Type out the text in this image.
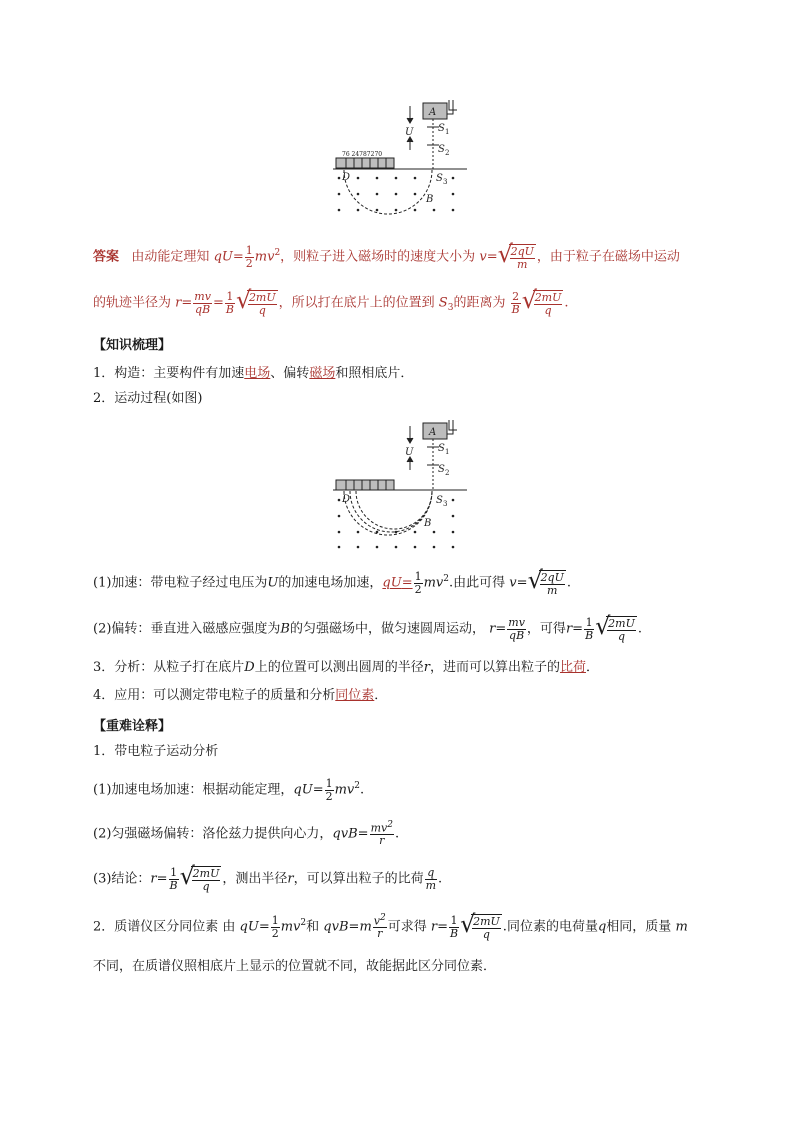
A
U S 1
S 2
S 3
D
B
76 24787270
答案 由动能定理知 $qU= \frac{1}{2} mv^2$，则粒子进入磁场时的速度大小为 v= √ $\frac{2qU}{m}$ ，由于粒子在磁场中运动
的轨迹半径为 $r= \frac{mv}{qB} = \frac{1}{B}$ √ $\frac{2mU}{q}$ ，所以打在底片上的位置到 $S_3$的距离为 $\frac{2}{B}$ √ $\frac{2mU}{q}$ .
【知识梳理】
1．构造：主要构件有加速电场、偏转磁场和照相底片．
2．运动过程(如图)
A
U S 1
S 2
S 3
D
B
(1)加速：带电粒子经过电压为U的加速电场加速，$qU= \frac{1}{2} mv^2$.由此可得 v= √ $\frac{2qU}{m}$ .
(2)偏转：垂直进入磁感应强度为B的匀强磁场中，做匀速圆周运动， $r= \frac{mv}{qB}$ ，可得$r= \frac{1}{B}$ √ $\frac{2mU}{q}$ .
3．分析：从粒子打在底片D上的位置可以测出圆周的半径r，进而可以算出粒子的比荷．
4．应用：可以测定带电粒子的质量和分析同位素．
【重难诠释】
1．带电粒子运动分析
(1)加速电场加速：根据动能定理，$qU= \frac{1}{2} mv^2$.
(2)匀强磁场偏转：洛伦兹力提供向心力，$qvB= \frac{mv^2}{r}$ .
(3)结论：$r= \frac{1}{B}$ √ $\frac{2mU}{q}$ ，测出半径r，可以算出粒子的比荷 $\frac{q}{m}$ .
2．质谱仪区分同位素 由 $qU= \frac{1}{2} mv^2$和 $qvB=m \frac{v^2}{r}$ 可求得 $r= \frac{1}{B}$ √ $\frac{2mU}{q}$ .同位素的电荷量q相同，质量 m
不同，在质谱仪照相底片上显示的位置就不同，故能据此区分同位素．
